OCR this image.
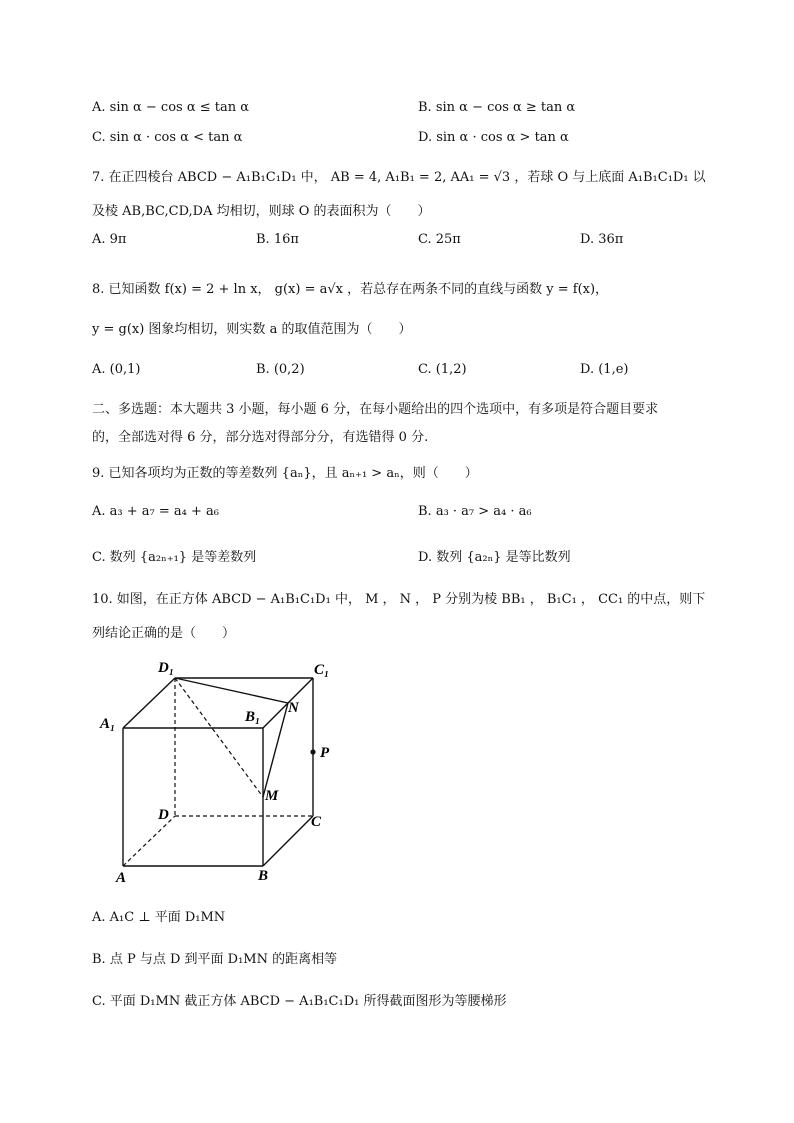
A. sin α − cos α ≤ tan α	B. sin α − cos α ≥ tan α
C. sin α · cos α < tan α	D. sin α · cos α > tan α
7. 在正四棱台 ABCD − A₁B₁C₁D₁ 中， AB = 4, A₁B₁ = 2, AA₁ = √3 ，若球 O 与上底面 A₁B₁C₁D₁ 以
及棱 AB,BC,CD,DA 均相切，则球 O 的表面积为（　　）
A. 9π	B. 16π	C. 25π	D. 36π
8. 已知函数 f(x) = 2 + ln x， g(x) = a√x ，若总存在两条不同的直线与函数 y = f(x)，
y = g(x) 图象均相切，则实数 a 的取值范围为（　　）
A. (0,1)	B. (0,2)	C. (1,2)	D. (1,e)
二、多选题：本大题共 3 小题，每小题 6 分，在每小题给出的四个选项中，有多项是符合题目要求
的，全部选对得 6 分，部分选对得部分分，有选错得 0 分.
9. 已知各项均为正数的等差数列 {aₙ}，且 aₙ₊₁ > aₙ，则（　　）
A. a₃ + a₇ = a₄ + a₆	B. a₃ · a₇ > a₄ · a₆
C. 数列 {a₂ₙ₊₁} 是等差数列	D. 数列 {a₂ₙ} 是等比数列
10. 如图，在正方体 ABCD − A₁B₁C₁D₁ 中， M ， N ， P 分别为棱 BB₁ ， B₁C₁ ， CC₁ 的中点，则下
列结论正确的是（　　）
D₁	C₁
A₁	B₁
N
P
M
D	C
A	B
A. A₁C ⊥ 平面 D₁MN
B. 点 P 与点 D 到平面 D₁MN 的距离相等
C. 平面 D₁MN 截正方体 ABCD − A₁B₁C₁D₁ 所得截面图形为等腰梯形
